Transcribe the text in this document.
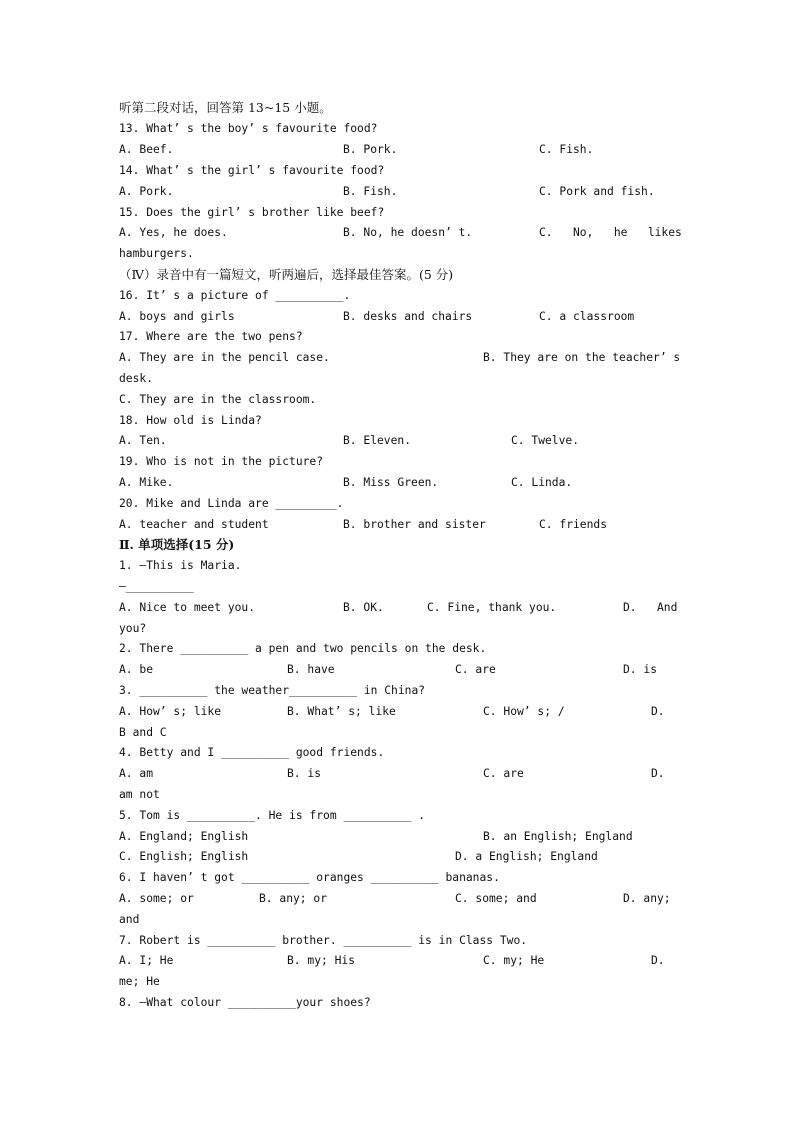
听第二段对话，回答第 13~15 小题。
13. What’ s the boy’ s favourite food?

A. Beef.

	B. Pork.

	C. Fish.

14. What’ s the girl’ s favourite food?

A. Pork.

	B. Fish.

	C. Pork and fish.

15. Does the girl’ s brother like beef?

A. Yes, he does.

	B. No, he doesn’ t.

	C.   No,   he   likes

hamburgers.
（Ⅳ）录音中有一篇短文，听两遍后，选择最佳答案。(5 分)
16. It’ s a picture of __________.

A. boys and girls

	B. desks and chairs

	C. a classroom

17. Where are the two pens?

A. They are in the pencil case.

	B. They are on the teacher’ s

desk.
C. They are in the classroom.
18. How old is Linda?

A. Ten.

	B. Eleven.

	C. Twelve.

19. Who is not in the picture?

A. Mike.

	B. Miss Green.

	C. Linda.

20. Mike and Linda are _________.

A. teacher and student

	B. brother and sister

	C. friends

Ⅱ. 单项选择(15 分)
1. —This is Maria.
—__________

A. Nice to meet you.

	B. OK.

	C. Fine, thank you.

	D.   And

you?
2. There __________ a pen and two pencils on the desk.

A. be

	B. have

	C. are

	D. is

3. __________ the weather__________ in China?

A. How’ s; like

	B. What’ s; like

	C. How’ s; /

	D.

B and C
4. Betty and I __________ good friends.

A. am

	B. is

	C. are

	D.

am not
5. Tom is __________. He is from __________ .

A. England; English

	B. an English; England

C. English; English

	D. a English; England

6. I haven’ t got __________ oranges __________ bananas.

A. some; or

	B. any; or

	C. some; and

	D. any;

and
7. Robert is __________ brother. __________ is in Class Two.

A. I; He

	B. my; His

	C. my; He

	D.

me; He
8. —What colour __________your shoes?
